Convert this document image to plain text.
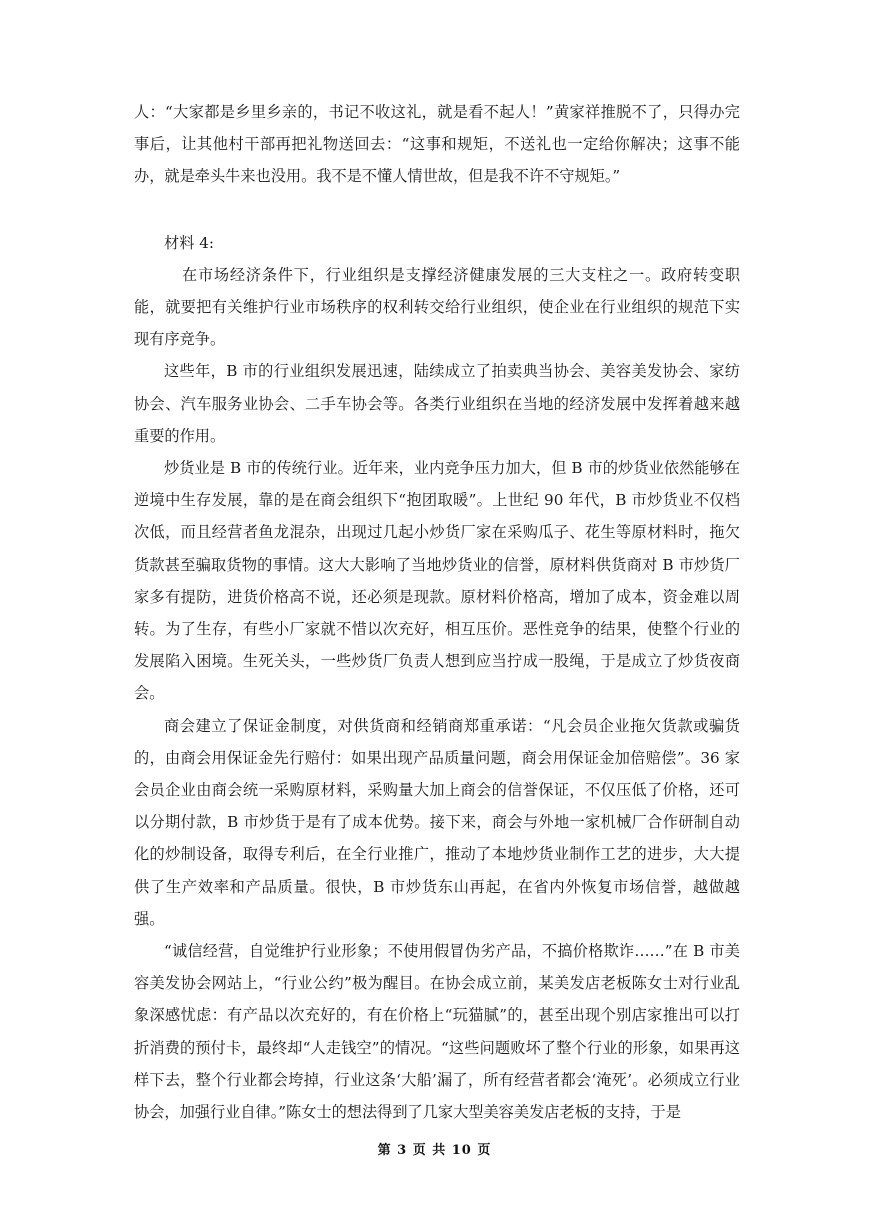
人：“大家都是乡里乡亲的，书记不收这礼，就是看不起人！”黄家祥推脱不了，只得办完事后，让其他村干部再把礼物送回去：“这事和规矩，不送礼也一定给你解决；这事不能办，就是牵头牛来也没用。我不是不懂人情世故，但是我不许不守规矩。”

材料 4:

在市场经济条件下，行业组织是支撑经济健康发展的三大支柱之一。政府转变职能，就要把有关维护行业市场秩序的权利转交给行业组织，使企业在行业组织的规范下实现有序竞争。

这些年，B 市的行业组织发展迅速，陆续成立了拍卖典当协会、美容美发协会、家纺协会、汽车服务业协会、二手车协会等。各类行业组织在当地的经济发展中发挥着越来越重要的作用。

炒货业是 B 市的传统行业。近年来，业内竞争压力加大，但 B 市的炒货业依然能够在逆境中生存发展，靠的是在商会组织下“抱团取暖”。上世纪 90 年代，B 市炒货业不仅档次低，而且经营者鱼龙混杂，出现过几起小炒货厂家在采购瓜子、花生等原材料时，拖欠货款甚至骗取货物的事情。这大大影响了当地炒货业的信誉，原材料供货商对 B 市炒货厂家多有提防，进货价格高不说，还必须是现款。原材料价格高，增加了成本，资金难以周转。为了生存，有些小厂家就不惜以次充好，相互压价。恶性竞争的结果，使整个行业的发展陷入困境。生死关头，一些炒货厂负责人想到应当拧成一股绳，于是成立了炒货夜商会。

商会建立了保证金制度，对供货商和经销商郑重承诺：“凡会员企业拖欠货款或骗货的，由商会用保证金先行赔付：如果出现产品质量问题，商会用保证金加倍赔偿”。36 家会员企业由商会统一采购原材料，采购量大加上商会的信誉保证，不仅压低了价格，还可以分期付款，B 市炒货于是有了成本优势。接下来，商会与外地一家机械厂合作研制自动化的炒制设备，取得专利后，在全行业推广，推动了本地炒货业制作工艺的进步，大大提供了生产效率和产品质量。很快，B 市炒货东山再起，在省内外恢复市场信誉，越做越强。

“诚信经营，自觉维护行业形象；不使用假冒伪劣产品，不搞价格欺诈……”在 B 市美容美发协会网站上，“行业公约”极为醒目。在协会成立前，某美发店老板陈女士对行业乱象深感忧虑：有产品以次充好的，有在价格上“玩猫腻”的，甚至出现个别店家推出可以打折消费的预付卡，最终却“人走钱空”的情况。“这些问题败坏了整个行业的形象，如果再这样下去，整个行业都会垮掉，行业这条‘大船’漏了，所有经营者都会‘淹死’。必须成立行业协会，加强行业自律。”陈女士的想法得到了几家大型美容美发店老板的支持，于是

第 3 页 共 10 页
